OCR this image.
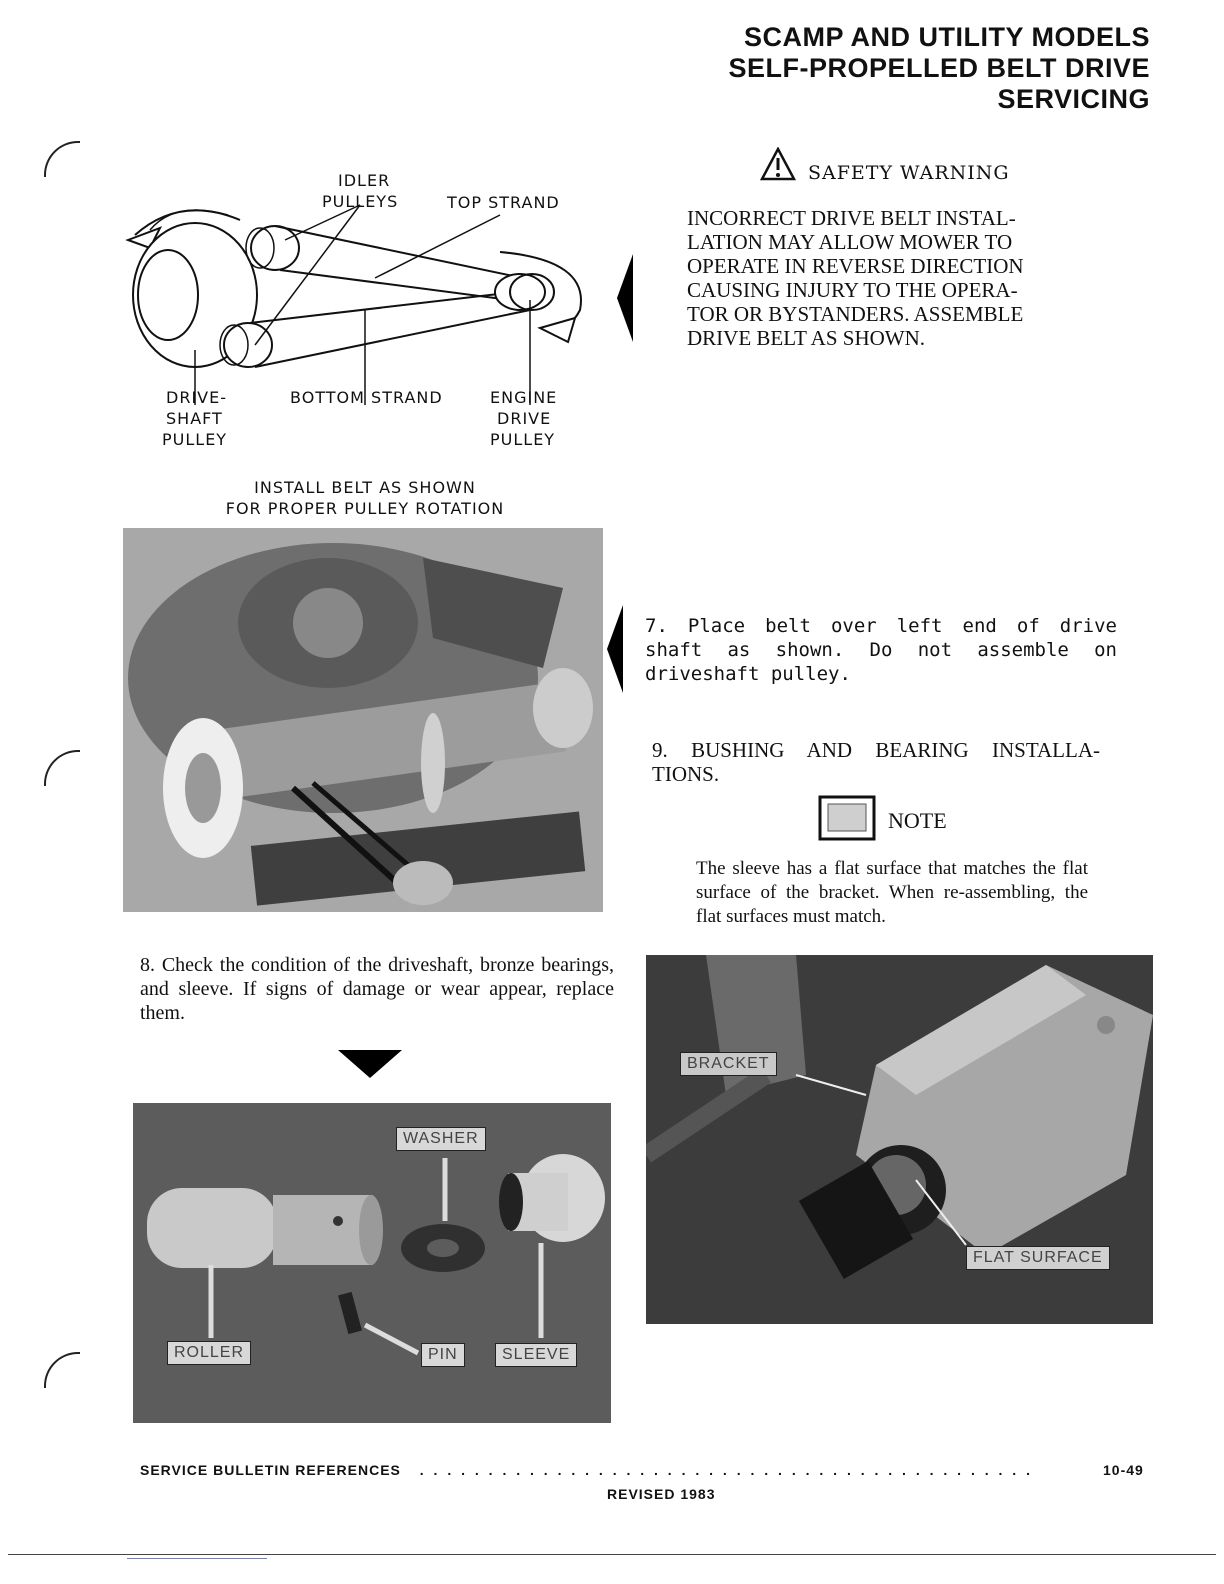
SCAMP AND UTILITY MODELS
SELF-PROPELLED BELT DRIVE
SERVICING
IDLER
PULLEYS	TOP STRAND
DRIVE-
SHAFT
PULLEY
BOTTOM STRAND	ENGINE
DRIVE
PULLEY
INSTALL BELT AS SHOWN
FOR PROPER PULLEY ROTATION
SAFETY WARNING
INCORRECT DRIVE BELT INSTAL-
LATION MAY ALLOW MOWER TO
OPERATE IN REVERSE DIRECTION
CAUSING INJURY TO THE OPERA-
TOR OR BYSTANDERS. ASSEMBLE
DRIVE BELT AS SHOWN.
7. Place belt over left end of drive shaft as shown. Do not assemble on driveshaft pulley.
9. BUSHING AND BEARING INSTALLA-
TIONS.
NOTE
The sleeve has a flat surface that matches the flat surface of the bracket. When re-assembling, the flat surfaces must match.
8. Check the condition of the driveshaft, bronze bearings, and sleeve. If signs of damage or wear appear, replace them.
WASHER
ROLLER	PIN	SLEEVE
BRACKET
FLAT SURFACE
SERVICE BULLETIN REFERENCES . . . . . . . . . . . . . . . . . . . . . . . . . . . . . . . . . . . . . . . . . . . . .	10-49
REVISED 1983
